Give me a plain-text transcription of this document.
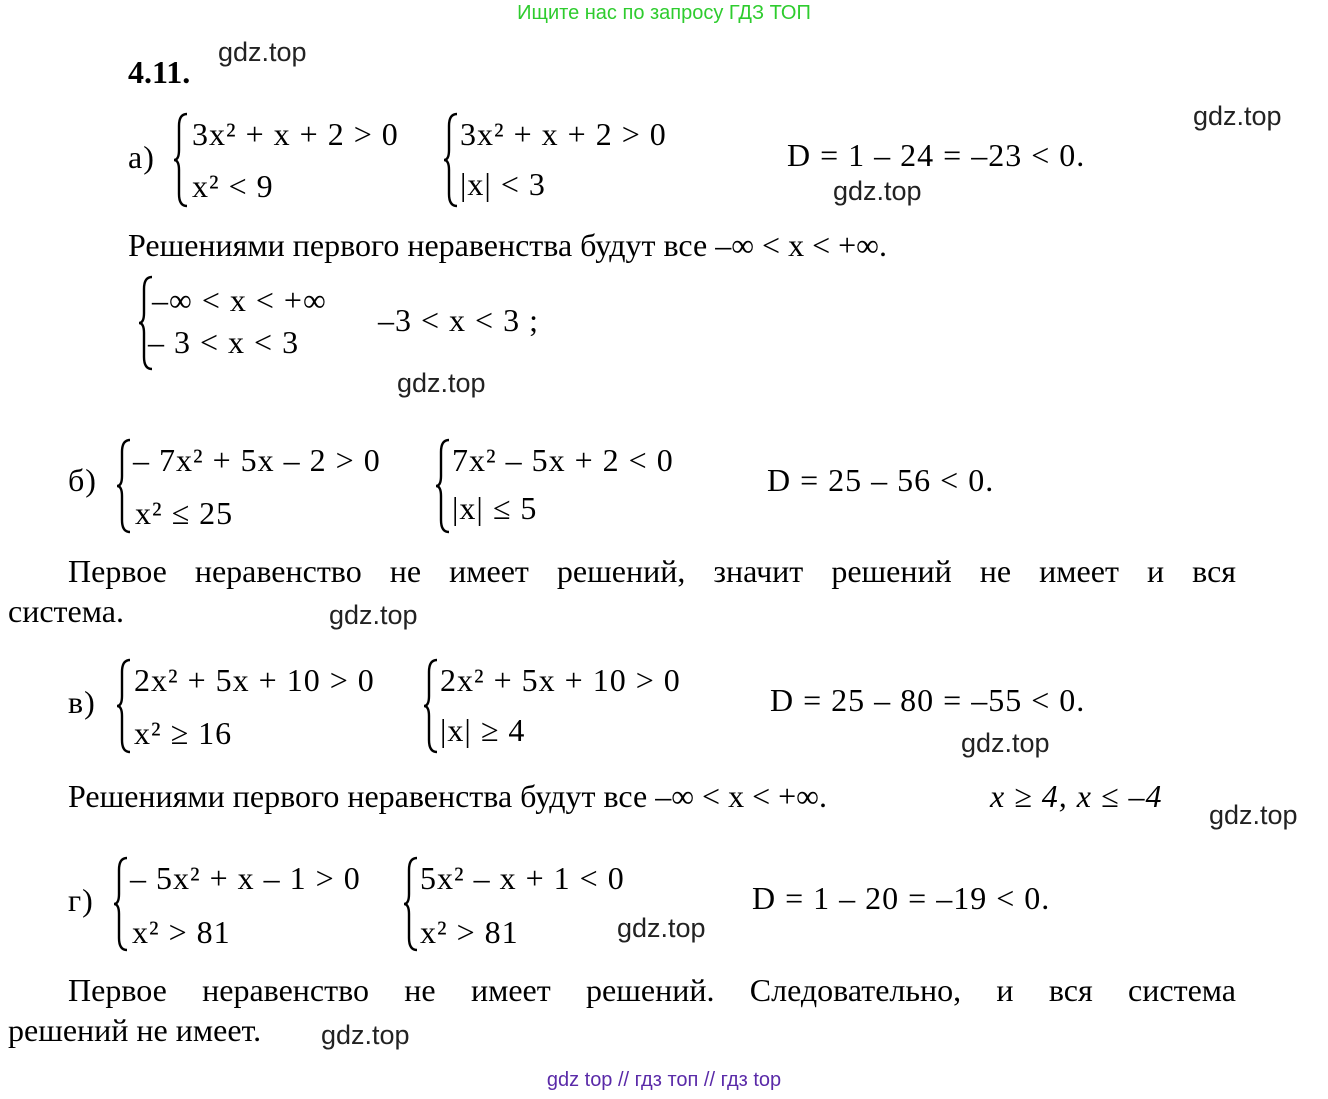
Ищите нас по запросу ГДЗ ТОП
4.11.
gdz.top
gdz.top
gdz.top
gdz.top
gdz.top
gdz.top
gdz.top
gdz.top
gdz.top
а)
3x² + x + 2 > 0
x² < 9
3x² + x + 2 > 0
|x| < 3
D = 1 – 24 = –23 < 0.
Решениями первого неравенства будут все –∞ < x < +∞.
–∞ < x < +∞
– 3 < x < 3
–3 < x < 3 ;
б)
– 7x² + 5x – 2 > 0
x² ≤ 25
7x² – 5x + 2 < 0
|x| ≤ 5
D = 25 – 56 < 0.
Первое неравенство не имеет решений, значит решений не имеет и вся
система.
в)
2x² + 5x + 10 > 0
x² ≥ 16
2x² + 5x + 10 > 0
|x| ≥ 4
D = 25 – 80 = –55 < 0.
Решениями первого неравенства будут все –∞ < x < +∞.	x ≥ 4, x ≤ –4
г)
– 5x² + x – 1 > 0
x² > 81
5x² – x + 1 < 0
x² > 81
D = 1 – 20 = –19 < 0.
Первое неравенство не имеет решений. Следовательно, и вся система
решений не имеет.
gdz top // гдз топ // гдз top
